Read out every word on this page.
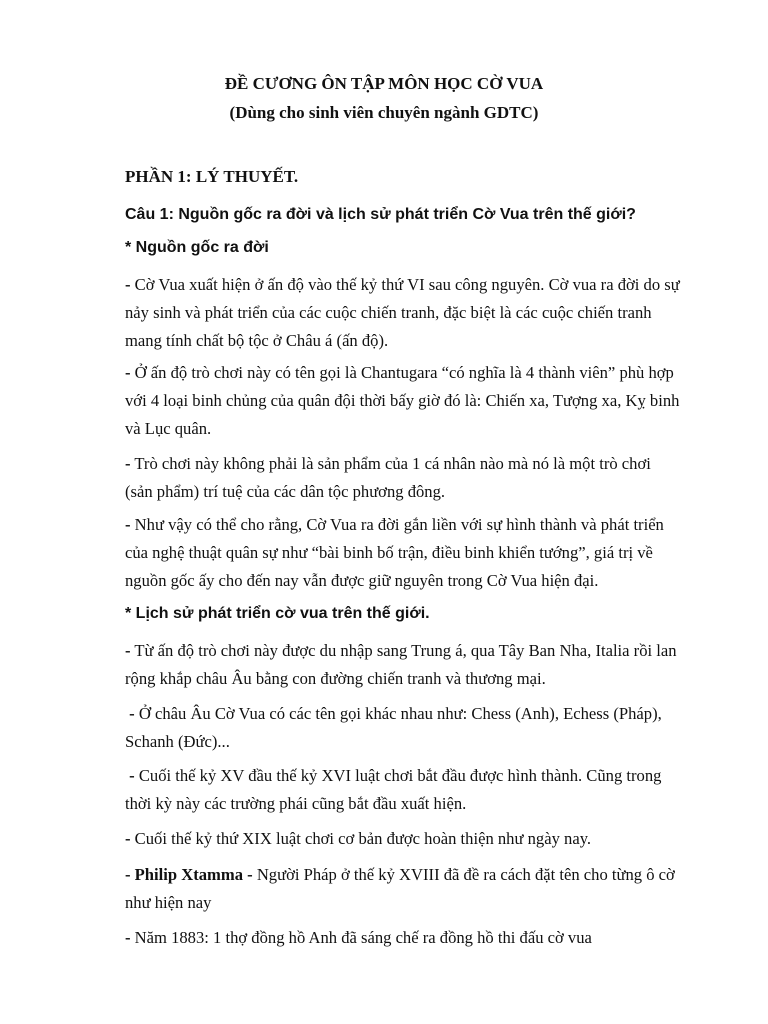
ĐỀ CƯƠNG ÔN TẬP MÔN HỌC CỜ VUA
(Dùng cho sinh viên chuyên ngành GDTC)
PHẦN 1: LÝ THUYẾT.
Câu 1: Nguồn gốc ra đời và lịch sử phát triển Cờ Vua trên thế giới?
* Nguồn gốc ra đời
- Cờ Vua xuất hiện ở ấn độ vào thế kỷ thứ VI sau công nguyên. Cờ vua ra đời do sự
nảy sinh và phát triển của các cuộc chiến tranh, đặc biệt là các cuộc chiến tranh
mang tính chất bộ tộc ở Châu á (ấn độ).
- Ở ấn độ trò chơi này có tên gọi là Chantugara “có nghĩa là 4 thành viên” phù hợp
với 4 loại binh chủng của quân đội thời bấy giờ đó là: Chiến xa, Tượng xa, Kỵ binh
và Lục quân.
- Trò chơi này không phải là sản phẩm của 1 cá nhân nào mà nó là một trò chơi
(sản phẩm) trí tuệ của các dân tộc phương đông.
- Như vậy có thể cho rằng, Cờ Vua ra đời gắn liền với sự hình thành và phát triển
của nghệ thuật quân sự như “bài binh bố trận, điều binh khiển tướng”, giá trị về
nguồn gốc ấy cho đến nay vẫn được giữ nguyên trong Cờ Vua hiện đại.
* Lịch sử phát triển cờ vua trên thế giới.
- Từ ấn độ trò chơi này được du nhập sang Trung á, qua Tây Ban Nha, Italia rồi lan
rộng khắp châu Âu bằng con đường chiến tranh và thương mại.
- Ở châu Âu Cờ Vua có các tên gọi khác nhau như: Chess (Anh), Echess (Pháp),
Schanh (Đức)...
- Cuối thế kỷ XV đầu thế kỷ XVI luật chơi bắt đầu được hình thành. Cũng trong
thời kỳ này các trường phái cũng bắt đầu xuất hiện.
- Cuối thế kỷ thứ XIX luật chơi cơ bản được hoàn thiện như ngày nay.
- Philip Xtamma - Người Pháp ở thế kỷ XVIII đã đề ra cách đặt tên cho từng ô cờ
như hiện nay
- Năm 1883: 1 thợ đồng hồ Anh đã sáng chế ra đồng hồ thi đấu cờ vua
